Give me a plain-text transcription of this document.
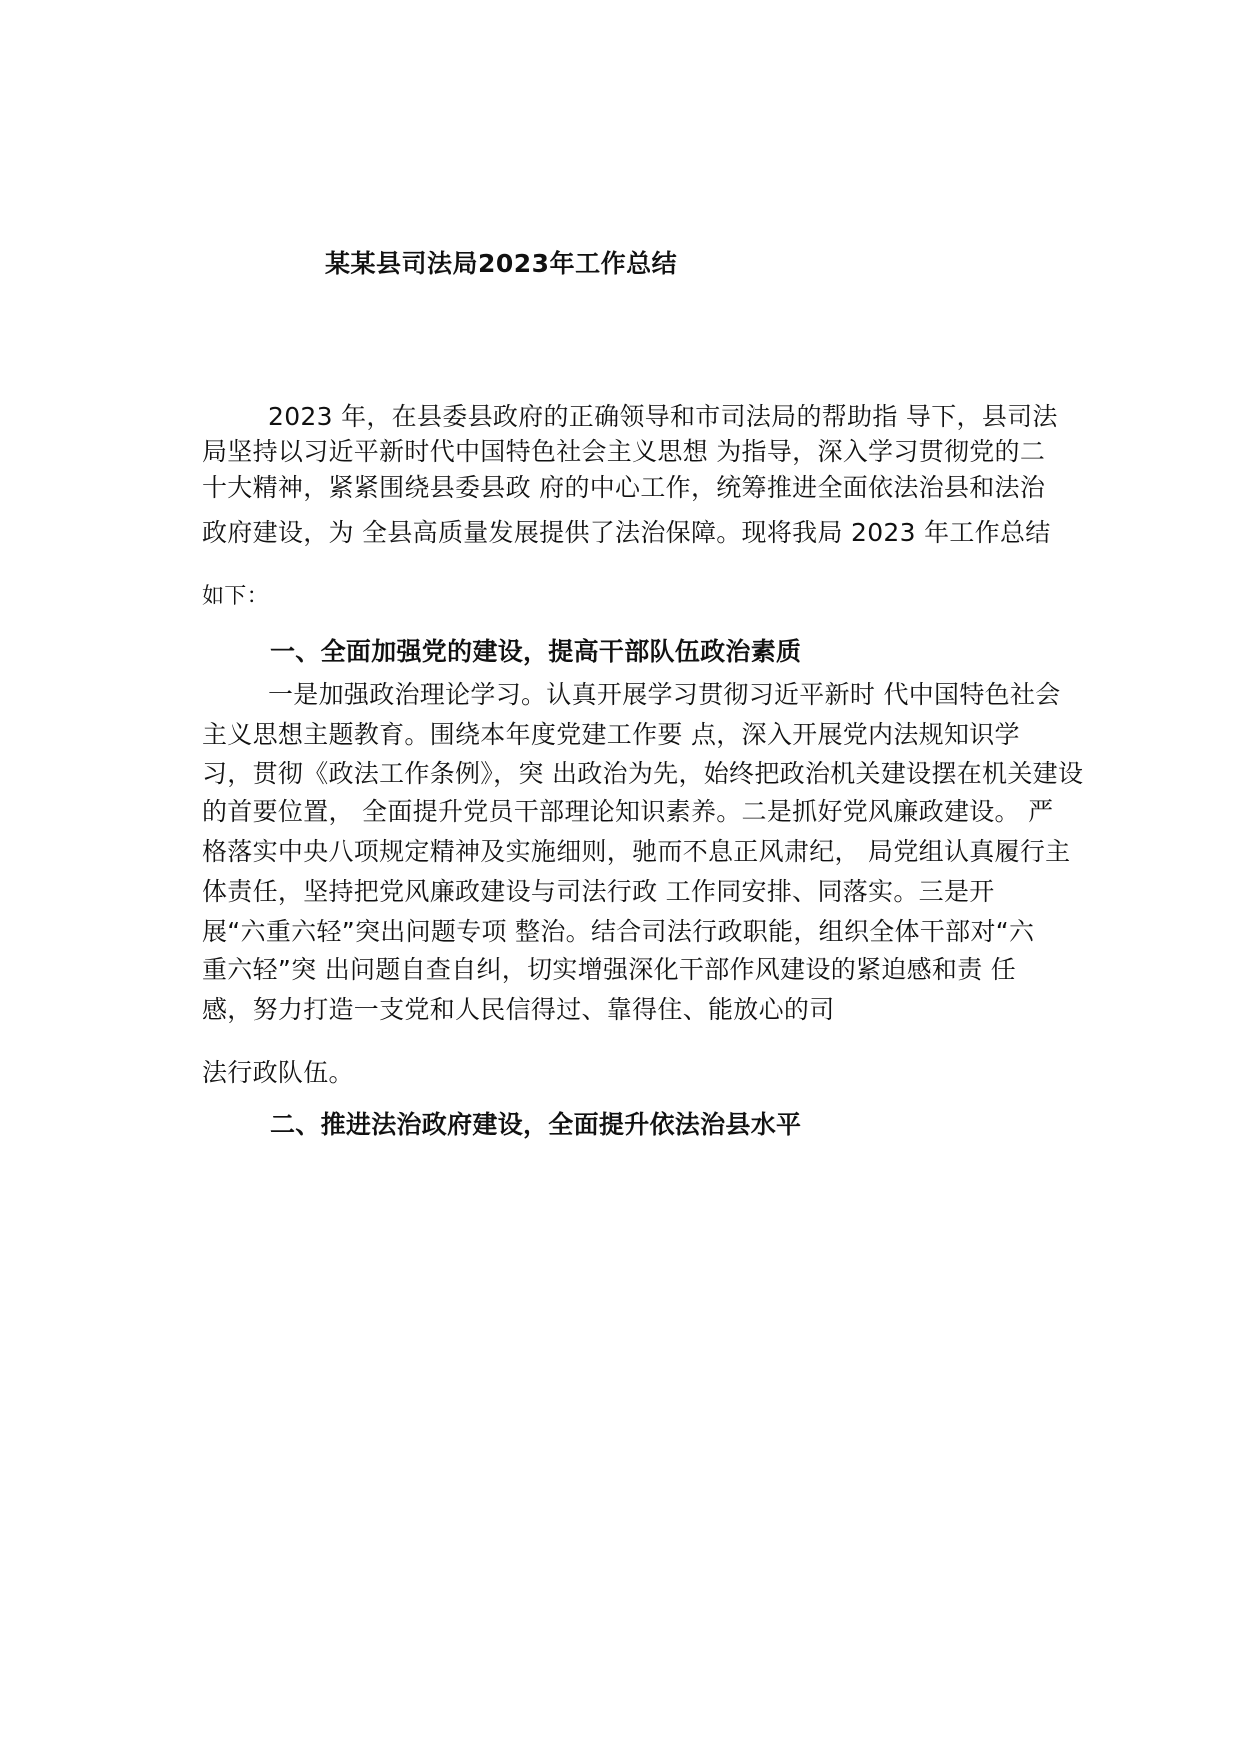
某某县司法局2023年工作总结
2023 年，在县委县政府的正确领导和市司法局的帮助指 导下，县司法
局坚持以习近平新时代中国特色社会主义思想 为指导，深入学习贯彻党的二
十大精神，紧紧围绕县委县政 府的中心工作，统筹推进全面依法治县和法治
政府建设，为 全县高质量发展提供了法治保障。现将我局 2023 年工作总结
如下：
一、全面加强党的建设，提高干部队伍政治素质
一是加强政治理论学习。认真开展学习贯彻习近平新时 代中国特色社会
主义思想主题教育。围绕本年度党建工作要 点，深入开展党内法规知识学
习，贯彻《政法工作条例》，突 出政治为先，始终把政治机关建设摆在机关建设
的首要位置， 全面提升党员干部理论知识素养。二是抓好党风廉政建设。 严
格落实中央八项规定精神及实施细则，驰而不息正风肃纪， 局党组认真履行主
体责任，坚持把党风廉政建设与司法行政 工作同安排、同落实。三是开
展“六重六轻”突出问题专项 整治。结合司法行政职能，组织全体干部对“六
重六轻”突 出问题自查自纠，切实增强深化干部作风建设的紧迫感和责 任
感，努力打造一支党和人民信得过、靠得住、能放心的司
法行政队伍。
二、推进法治政府建设，全面提升依法治县水平
